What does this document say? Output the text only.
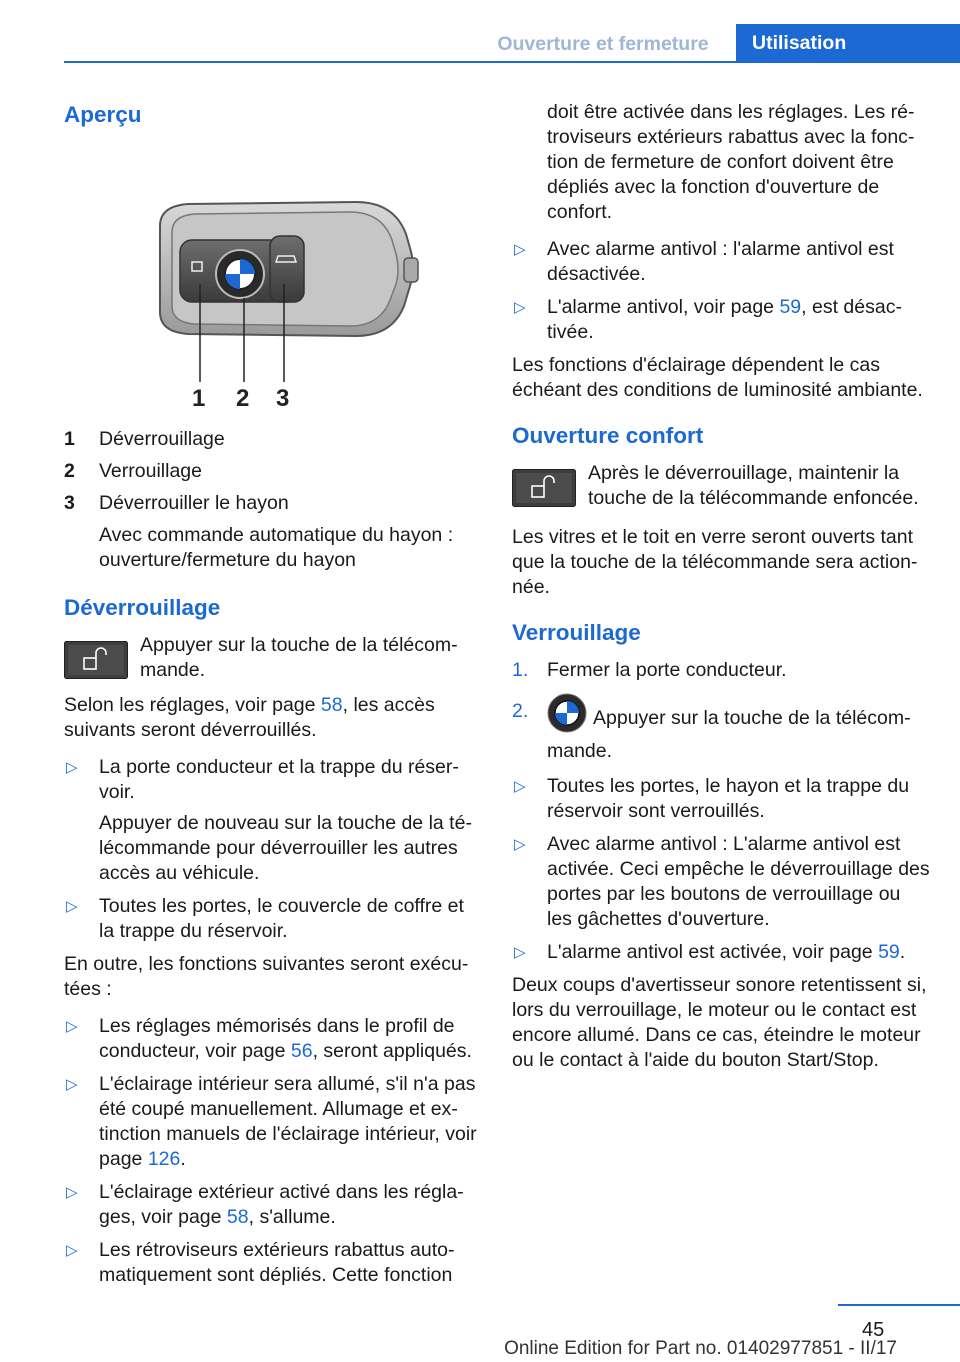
Ouverture et fermeture	Utilisation
Aperçu
1 2 3
1	Déverrouillage
2	Verrouillage
3	Déverrouiller le hayon
Avec commande automatique du hayon : ouverture/fermeture du hayon
Déverrouillage
Appuyer sur la touche de la télécommande.

Selon les réglages, voir page 58, les accès suivants seront déverrouillés.

▷ La porte conducteur et la trappe du réservoir.

Appuyer de nouveau sur la touche de la télécommande pour déverrouiller les autres accès au véhicule.

▷ Toutes les portes, le couvercle de coffre et la trappe du réservoir.

En outre, les fonctions suivantes seront exécutées :

▷ Les réglages mémorisés dans le profil de conducteur, voir page 56, seront appliqués.
▷ L'éclairage intérieur sera allumé, s'il n'a pas été coupé manuellement. Allumage et extinction manuels de l'éclairage intérieur, voir page 126.
▷ L'éclairage extérieur activé dans les réglages, voir page 58, s'allume.
▷ Les rétroviseurs extérieurs rabattus automatiquement sont dépliés. Cette fonction
doit être activée dans les réglages. Les rétroviseurs extérieurs rabattus avec la fonction de fermeture de confort doivent être dépliés avec la fonction d'ouverture de confort.
▷ Avec alarme antivol : l'alarme antivol est désactivée.
▷ L'alarme antivol, voir page 59, est désactivée.

Les fonctions d'éclairage dépendent le cas échéant des conditions de luminosité ambiante.

Ouverture confort
Après le déverrouillage, maintenir la touche de la télécommande enfoncée.

Les vitres et le toit en verre seront ouverts tant que la touche de la télécommande sera actionnée.

Verrouillage
1. Fermer la porte conducteur.
2.	Appuyer sur la touche de la télécommande.
▷ Toutes les portes, le hayon et la trappe du réservoir sont verrouillés.
▷ Avec alarme antivol : L'alarme antivol est activée. Ceci empêche le déverrouillage des portes par les boutons de verrouillage ou les gâchettes d'ouverture.
▷ L'alarme antivol est activée, voir page 59.

Deux coups d'avertisseur sonore retentissent si, lors du verrouillage, le moteur ou le contact est encore allumé. Dans ce cas, éteindre le moteur ou le contact à l'aide du bouton Start/Stop.

45
Online Edition for Part no. 01402977851 - II/17
